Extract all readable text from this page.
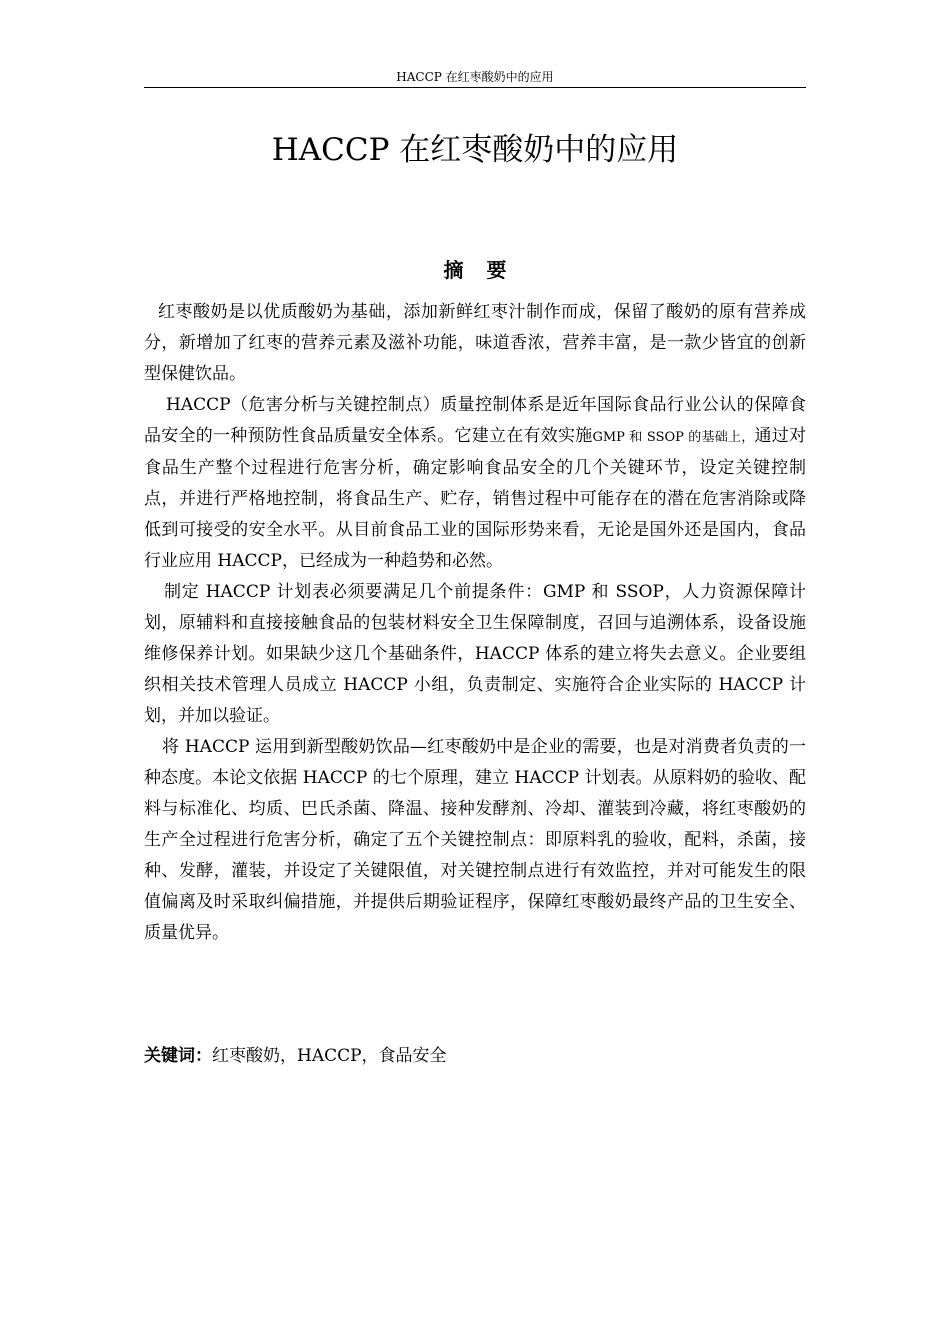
HACCP 在红枣酸奶中的应用
HACCP 在红枣酸奶中的应用
摘 要

红枣酸奶是以优质酸奶为基础，添加新鲜红枣汁制作而成，保留了酸奶的原有营养成分，新增加了红枣的营养元素及滋补功能，味道香浓，营养丰富，是一款少皆宜的创新型保健饮品。

HACCP（危害分析与关键控制点）质量控制体系是近年国际食品行业公认的保障食品安全的一种预防性食品质量安全体系。它建立在有效实施GMP 和 SSOP 的基础上，通过对食品生产整个过程进行危害分析，确定影响食品安全的几个关键环节，设定关键控制点，并进行严格地控制，将食品生产、贮存，销售过程中可能存在的潜在危害消除或降低到可接受的安全水平。从目前食品工业的国际形势来看，无论是国外还是国内，食品行业应用 HACCP，已经成为一种趋势和必然。

制定 HACCP 计划表必须要满足几个前提条件：GMP 和 SSOP，人力资源保障计划，原辅料和直接接触食品的包装材料安全卫生保障制度，召回与追溯体系，设备设施维修保养计划。如果缺少这几个基础条件，HACCP 体系的建立将失去意义。企业要组织相关技术管理人员成立 HACCP 小组，负责制定、实施符合企业实际的 HACCP 计划，并加以验证。

将 HACCP 运用到新型酸奶饮品—红枣酸奶中是企业的需要，也是对消费者负责的一种态度。本论文依据 HACCP 的七个原理，建立 HACCP 计划表。从原料奶的验收、配料与标准化、均质、巴氏杀菌、降温、接种发酵剂、冷却、灌装到冷藏，将红枣酸奶的生产全过程进行危害分析，确定了五个关键控制点：即原料乳的验收，配料，杀菌，接种、发酵，灌装，并设定了关键限值，对关键控制点进行有效监控，并对可能发生的限值偏离及时采取纠偏措施，并提供后期验证程序，保障红枣酸奶最终产品的卫生安全、质量优异。

关键词：红枣酸奶，HACCP，食品安全
